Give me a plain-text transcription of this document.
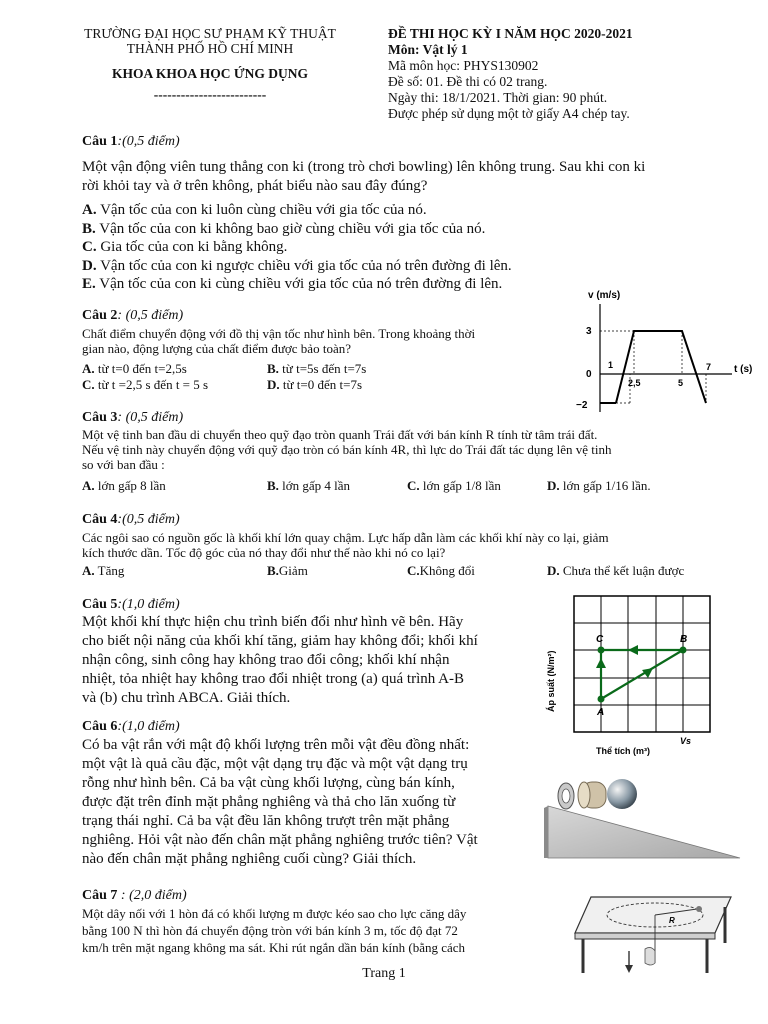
TRƯỜNG ĐẠI HỌC SƯ PHẠM KỸ THUẬT
THÀNH PHỐ HỒ CHÍ MINH
KHOA KHOA HỌC ỨNG DỤNG
-------------------------
ĐỀ THI HỌC KỲ I NĂM HỌC 2020-2021
Môn: Vật lý 1
Mã môn học: PHYS130902
Đề số: 01. Đề thi có 02 trang.
Ngày thi: 18/1/2021. Thời gian: 90 phút.
Được phép sử dụng một tờ giấy A4 chép tay.
Câu 1:(0,5 điểm)
Một vận động viên tung thẳng con ki (trong trò chơi bowling) lên không trung. Sau khi con ki
rời khỏi tay và ở trên không, phát biểu nào sau đây đúng?
A. Vận tốc của con ki luôn cùng chiều với gia tốc của nó.
B. Vận tốc của con ki không bao giờ cùng chiều với gia tốc của nó.
C. Gia tốc của con ki bằng không.
D. Vận tốc của con ki ngược chiều với gia tốc của nó trên đường đi lên.
E. Vận tốc của con ki cùng chiều với gia tốc của nó trên đường đi lên.
Câu 2: (0,5 điểm)
Chất điểm chuyển động với đồ thị vận tốc như hình bên. Trong khoảng thời
gian nào, động lượng của chất điểm được bảo toàn?
A. từ t=0 đến t=2,5s	B. từ t=5s đến t=7s
C. từ t =2,5 s đến t = 5 s	D. từ t=0 đến t=7s
v (m/s)
t (s)
3
0
−2
1
2,5	5
7
Câu 3: (0,5 điểm)
Một vệ tinh ban đầu di chuyển theo quỹ đạo tròn quanh Trái đất với bán kính R tính từ tâm trái đất.
Nếu vệ tinh này chuyển động với quỹ đạo tròn có bán kính 4R, thì lực do Trái đất tác dụng lên vệ tinh
so với ban đầu :
A. lớn gấp 8 lần	B. lớn gấp 4 lần	C. lớn gấp 1/8 lần	D. lớn gấp 1/16 lần.
Câu 4:(0,5 điểm)
Các ngôi sao có nguồn gốc là khối khí lớn quay chậm. Lực hấp dẫn làm các khối khí này co lại, giảm
kích thước dần. Tốc độ góc của nó thay đổi như thế nào khi nó co lại?
A. Tăng	B.Giảm	C.Không đổi	D. Chưa thể kết luận được
Câu 5:(1,0 điểm)
Một khối khí thực hiện chu trình biến đổi như hình vẽ bên. Hãy
cho biết nội năng của khối khí tăng, giảm hay không đổi; khối khí
nhận công, sinh công hay không trao đổi công; khối khí nhận
nhiệt, tỏa nhiệt hay không trao đổi nhiệt trong (a) quá trình A-B
và (b) chu trình ABCA. Giải thích.
C	B
A
Vs
Thể tích (m³)
Áp suất (N/m²)
Câu 6:(1,0 điểm)
Có ba vật rắn với mật độ khối lượng trên mỗi vật đều đồng nhất:
một vật là quả cầu đặc, một vật dạng trụ đặc và một vật dạng trụ
rỗng như hình bên. Cả ba vật cùng khối lượng, cùng bán kính,
được đặt trên đỉnh mặt phẳng nghiêng và thả cho lăn xuống từ
trạng thái nghỉ. Cả ba vật đều lăn không trượt trên mặt phẳng
nghiêng. Hỏi vật nào đến chân mặt phẳng nghiêng trước tiên? Vật
nào đến chân mặt phẳng nghiêng cuối cùng? Giải thích.
Câu 7 : (2,0 điểm)
Một dây nối với 1 hòn đá có khối lượng m được kéo sao cho lực căng dây
bằng 100 N thì hòn đá chuyển động tròn với bán kính 3 m, tốc độ đạt 72
km/h trên mặt ngang không ma sát. Khi rút ngắn dần bán kính (bằng cách
R
Trang 1
